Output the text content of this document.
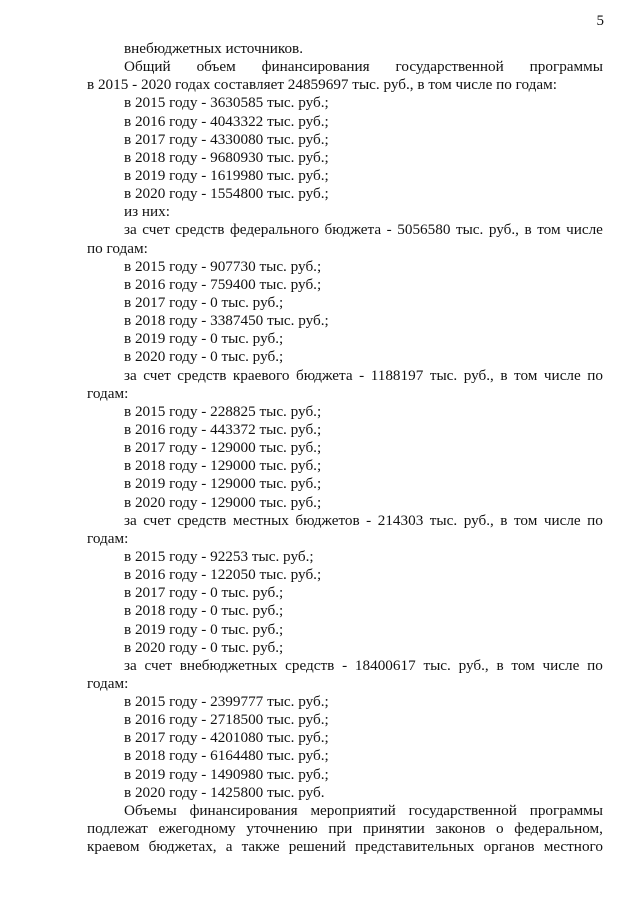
5
внебюджетных источников.
Общий объем финансирования государственной программы
в 2015 - 2020 годах составляет 24859697 тыс. руб., в том числе по годам:
в 2015 году - 3630585 тыс. руб.;
в 2016 году - 4043322 тыс. руб.;
в 2017 году - 4330080 тыс. руб.;
в 2018 году - 9680930 тыс. руб.;
в 2019 году - 1619980 тыс. руб.;
в 2020 году - 1554800 тыс. руб.;
из них:
за счет средств федерального бюджета - 5056580 тыс. руб., в том числе
по годам:
в 2015 году - 907730 тыс. руб.;
в 2016 году - 759400 тыс. руб.;
в 2017 году - 0 тыс. руб.;
в 2018 году - 3387450 тыс. руб.;
в 2019 году - 0 тыс. руб.;
в 2020 году - 0 тыс. руб.;
за счет средств краевого бюджета - 1188197 тыс. руб., в том числе по
годам:
в 2015 году - 228825 тыс. руб.;
в 2016 году - 443372 тыс. руб.;
в 2017 году - 129000 тыс. руб.;
в 2018 году - 129000 тыс. руб.;
в 2019 году - 129000 тыс. руб.;
в 2020 году - 129000 тыс. руб.;
за счет средств местных бюджетов - 214303 тыс. руб., в том числе по
годам:
в 2015 году - 92253 тыс. руб.;
в 2016 году - 122050 тыс. руб.;
в 2017 году - 0 тыс. руб.;
в 2018 году - 0 тыс. руб.;
в 2019 году - 0 тыс. руб.;
в 2020 году - 0 тыс. руб.;
за счет внебюджетных средств - 18400617 тыс. руб., в том числе по
годам:
в 2015 году - 2399777 тыс. руб.;
в 2016 году - 2718500 тыс. руб.;
в 2017 году - 4201080 тыс. руб.;
в 2018 году - 6164480 тыс. руб.;
в 2019 году - 1490980 тыс. руб.;
в 2020 году - 1425800 тыс. руб.
Объемы финансирования мероприятий государственной программы
подлежат ежегодному уточнению при принятии законов о федеральном,
краевом бюджетах, а также решений представительных органов местного
